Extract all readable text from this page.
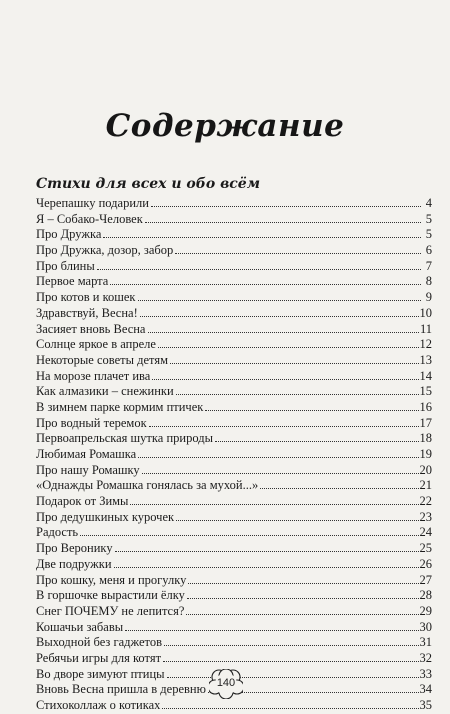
Содержание
Стихи для всех и обо всём
Черепашку подарили	4
Я – Собако-Человек	5
Про Дружка	5
Про Дружка, дозор, забор	6
Про блины	7
Первое марта	8
Про котов и кошек	9
Здравствуй, Весна!	10
Засияет вновь Весна	11
Солнце яркое в апреле	12
Некоторые советы детям	13
На морозе плачет ива	14
Как алмазики – снежинки	15
В зимнем парке кормим птичек	16
Про водный теремок	17
Первоапрельская шутка природы	18
Любимая Ромашка	19
Про нашу Ромашку	20
«Однажды Ромашка гонялась за мухой...»	21
Подарок от Зимы	22
Про дедушкиных курочек	23
Радость	24
Про Веронику	25
Две подружки	26
Про кошку, меня и прогулку	27
В горшочке вырастили ёлку	28
Снег ПОЧЕМУ не лепится?	29
Кошачьи забавы	30
Выходной без гаджетов	31
Ребячьи игры для котят	32
Во дворе зимуют птицы	33
Вновь Весна пришла в деревню	34
Стихоколлаж о котиках	35
140
